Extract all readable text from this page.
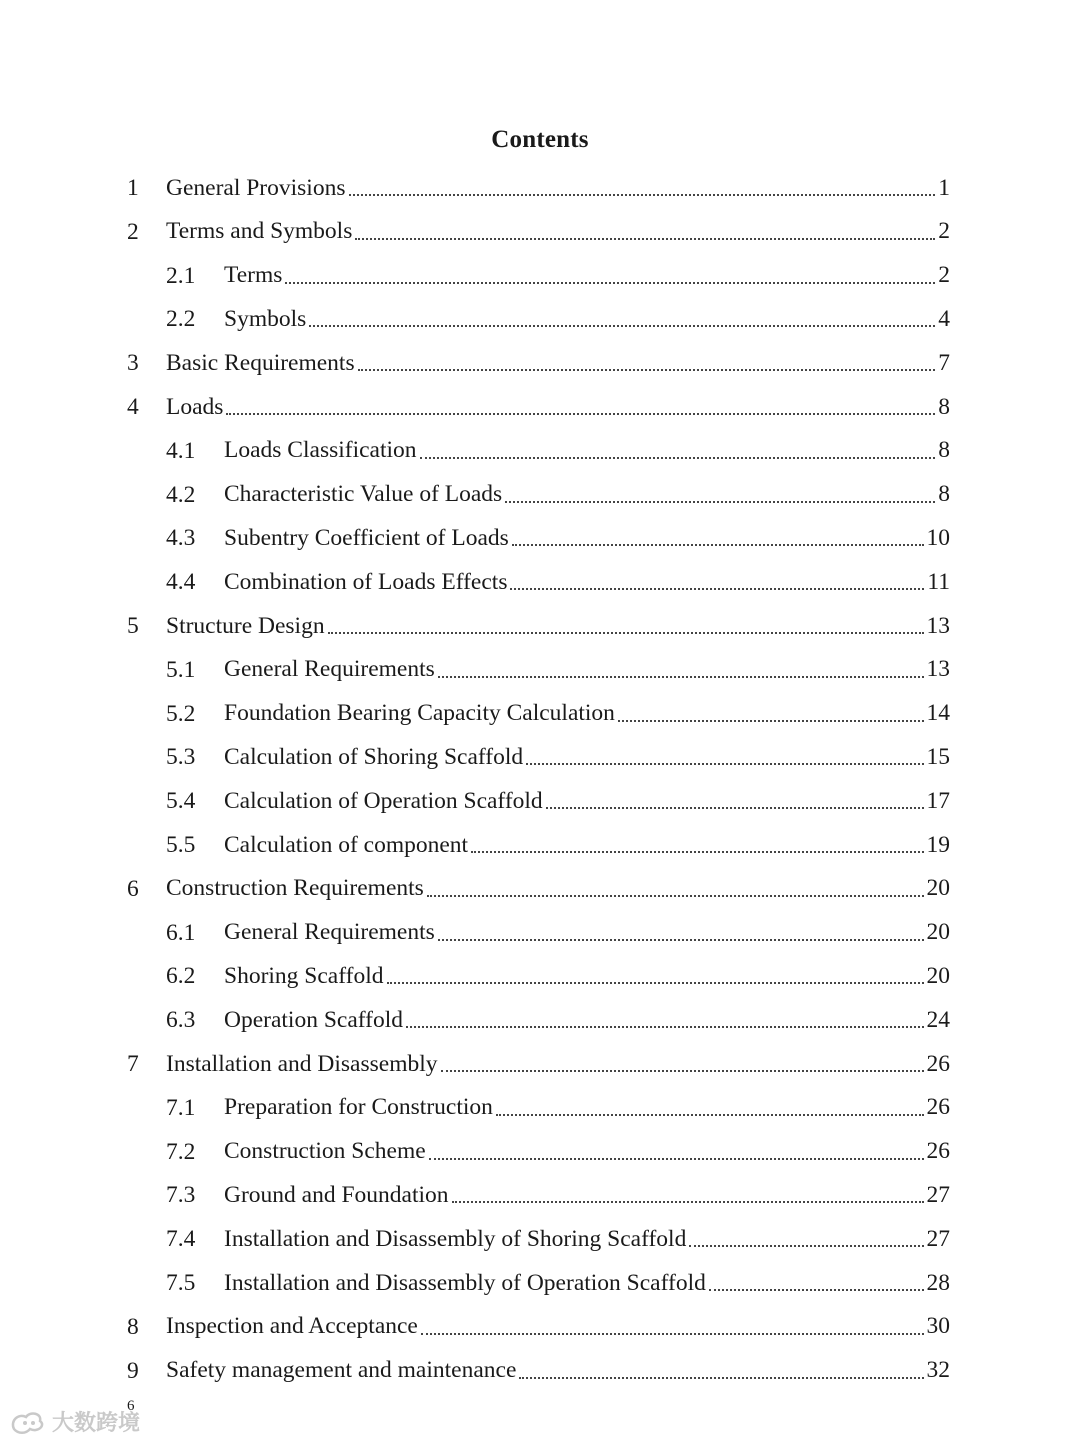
Contents
1 General Provisions	1
2 Terms and Symbols	2
2.1 Terms	2
2.2 Symbols	4
3 Basic Requirements	7
4 Loads	8
4.1 Loads Classification	8
4.2 Characteristic Value of Loads	8
4.3 Subentry Coefficient of Loads	10
4.4 Combination of Loads Effects	11
5 Structure Design	13
5.1 General Requirements	13
5.2 Foundation Bearing Capacity Calculation	14
5.3 Calculation of Shoring Scaffold	15
5.4 Calculation of Operation Scaffold	17
5.5 Calculation of component	19
6 Construction Requirements	20
6.1 General Requirements	20
6.2 Shoring Scaffold	20
6.3 Operation Scaffold	24
7 Installation and Disassembly	26
7.1 Preparation for Construction	26
7.2 Construction Scheme	26
7.3 Ground and Foundation	27
7.4 Installation and Disassembly of Shoring Scaffold	27
7.5 Installation and Disassembly of Operation Scaffold	28
8 Inspection and Acceptance	30
9 Safety management and maintenance	32
6
大数跨境
